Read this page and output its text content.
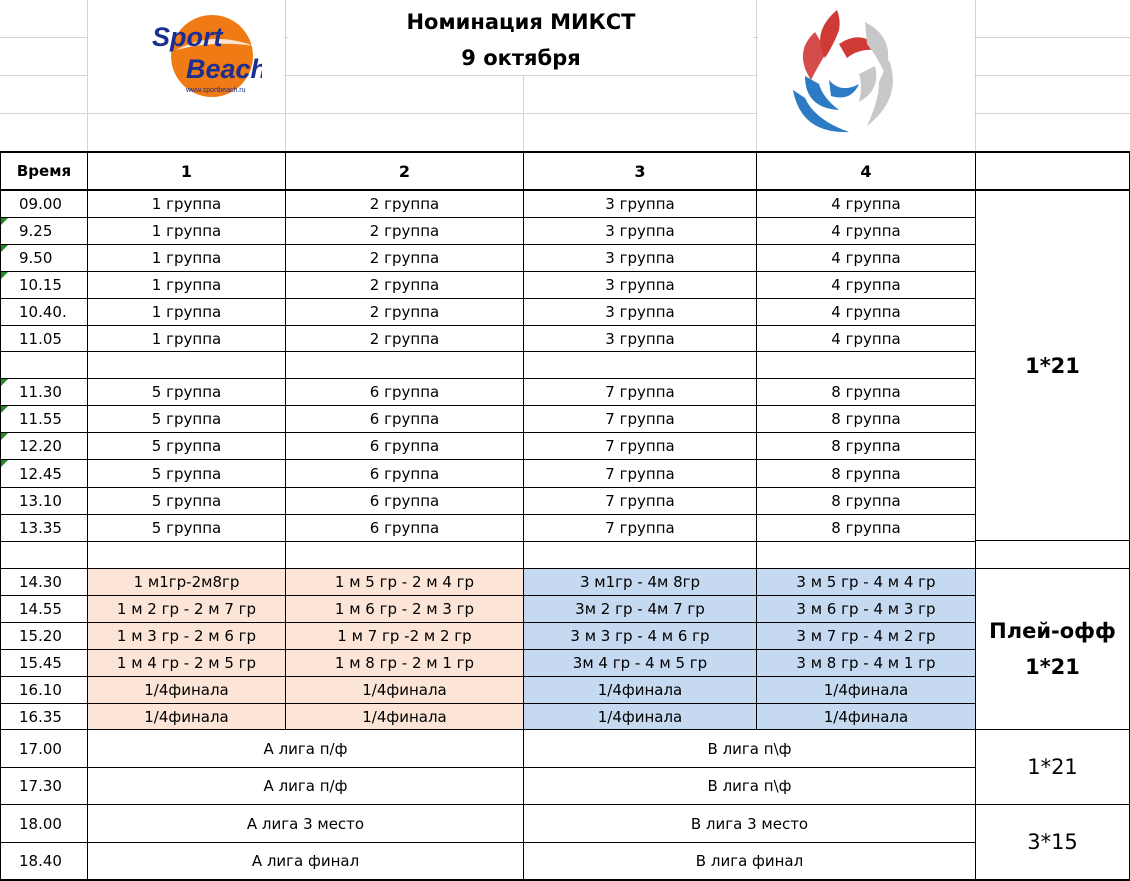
Номинация МИКСТ
9 октября
Sport
Beach
www.sportbeach.ru
Время	1	2	3	4
09.00	1 группа	2 группа	3 группа	4 группа
9.25	1 группа	2 группа	3 группа	4 группа
9.50	1 группа	2 группа	3 группа	4 группа
10.15	1 группа	2 группа	3 группа	4 группа
10.40.	1 группа	2 группа	3 группа	4 группа
11.05	1 группа	2 группа	3 группа	4 группа
11.30	5 группа	6 группа	7 группа	8 группа
11.55	5 группа	6 группа	7 группа	8 группа
12.20	5 группа	6 группа	7 группа	8 группа
12.45	5 группа	6 группа	7 группа	8 группа
13.10	5 группа	6 группа	7 группа	8 группа
13.35	5 группа	6 группа	7 группа	8 группа
1*21
14.30	1 м1гр-2м8гр	1 м 5 гр - 2 м 4 гр	3 м1гр - 4м 8гр	3 м 5 гр - 4 м 4 гр
14.55	1 м 2 гр - 2 м 7 гр	1 м 6 гр - 2 м 3 гр	3м 2 гр - 4м 7 гр	3 м 6 гр - 4 м 3 гр
15.20	1 м 3 гр - 2 м 6 гр	1 м 7 гр -2 м 2 гр	3 м 3 гр - 4 м 6 гр	3 м 7 гр - 4 м 2 гр
15.45	1 м 4 гр - 2 м 5 гр	1 м 8 гр - 2 м 1 гр	3м 4 гр - 4 м 5 гр	3 м 8 гр - 4 м 1 гр
16.10	1/4финала	1/4финала	1/4финала	1/4финала
16.35	1/4финала	1/4финала	1/4финала	1/4финала
Плей-офф
1*21
17.00	А лига п/ф	В лига п\ф
17.30	А лига п/ф	В лига п\ф
18.00	А лига 3 место	В лига 3 место
18.40	А лига финал	В лига финал
1*21
3*15
